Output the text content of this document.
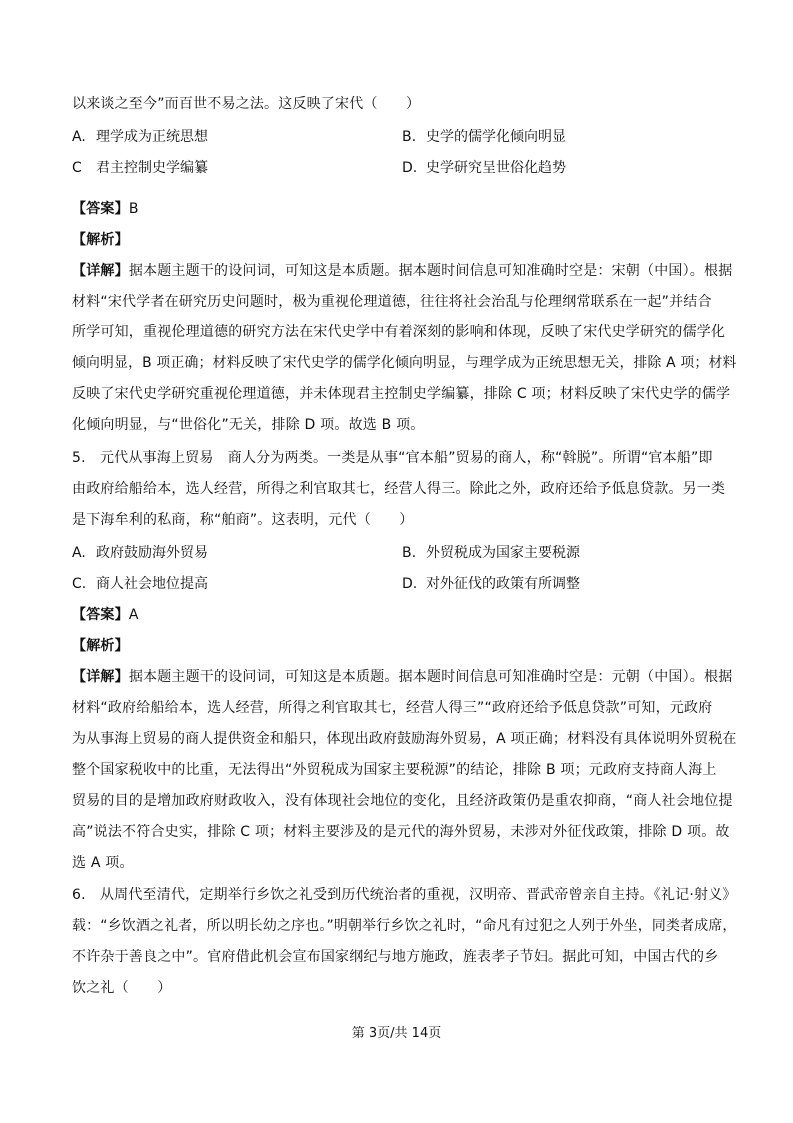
以来谈之至今”而百世不易之法。这反映了宋代（　　）
A. 理学成为正统思想	B. 史学的儒学化倾向明显
C 君主控制史学编纂	D. 史学研究呈世俗化趋势
【答案】B
【解析】
【详解】据本题主题干的设问词，可知这是本质题。据本题时间信息可知准确时空是：宋朝（中国）。根据
材料“宋代学者在研究历史问题时，极为重视伦理道德，往往将社会治乱与伦理纲常联系在一起”并结合
所学可知，重视伦理道德的研究方法在宋代史学中有着深刻的影响和体现，反映了宋代史学研究的儒学化
倾向明显，B 项正确；材料反映了宋代史学的儒学化倾向明显，与理学成为正统思想无关，排除 A 项；材料
反映了宋代史学研究重视伦理道德，并未体现君主控制史学编纂，排除 C 项；材料反映了宋代史学的儒学
化倾向明显，与“世俗化”无关，排除 D 项。故选 B 项。
5.　元代从事海上贸易　商人分为两类。一类是从事“官本船”贸易的商人，称“斡脱”。所谓“官本船”即
由政府给船给本，选人经营，所得之利官取其七，经营人得三。除此之外，政府还给予低息贷款。另一类
是下海牟利的私商，称“舶商”。这表明，元代（　　）
A. 政府鼓励海外贸易	B. 外贸税成为国家主要税源
C. 商人社会地位提高	D. 对外征伐的政策有所调整
【答案】A
【解析】
【详解】据本题主题干的设问词，可知这是本质题。据本题时间信息可知准确时空是：元朝（中国）。根据
材料“政府给船给本，选人经营，所得之利官取其七，经营人得三”“政府还给予低息贷款”可知，元政府
为从事海上贸易的商人提供资金和船只，体现出政府鼓励海外贸易，A 项正确；材料没有具体说明外贸税在
整个国家税收中的比重，无法得出“外贸税成为国家主要税源”的结论，排除 B 项；元政府支持商人海上
贸易的目的是增加政府财政收入，没有体现社会地位的变化，且经济政策仍是重农抑商，“商人社会地位提
高”说法不符合史实，排除 C 项；材料主要涉及的是元代的海外贸易，未涉对外征伐政策，排除 D 项。故
选 A 项。
6.　从周代至清代，定期举行乡饮之礼受到历代统治者的重视，汉明帝、晋武帝曾亲自主持。《礼记·射义》
载：“乡饮酒之礼者，所以明长幼之序也。”明朝举行乡饮之礼时，“命凡有过犯之人列于外坐，同类者成席，
不许杂于善良之中”。官府借此机会宣布国家纲纪与地方施政，旌表孝子节妇。据此可知，中国古代的乡
饮之礼（　　）
第 3页/共 14页
